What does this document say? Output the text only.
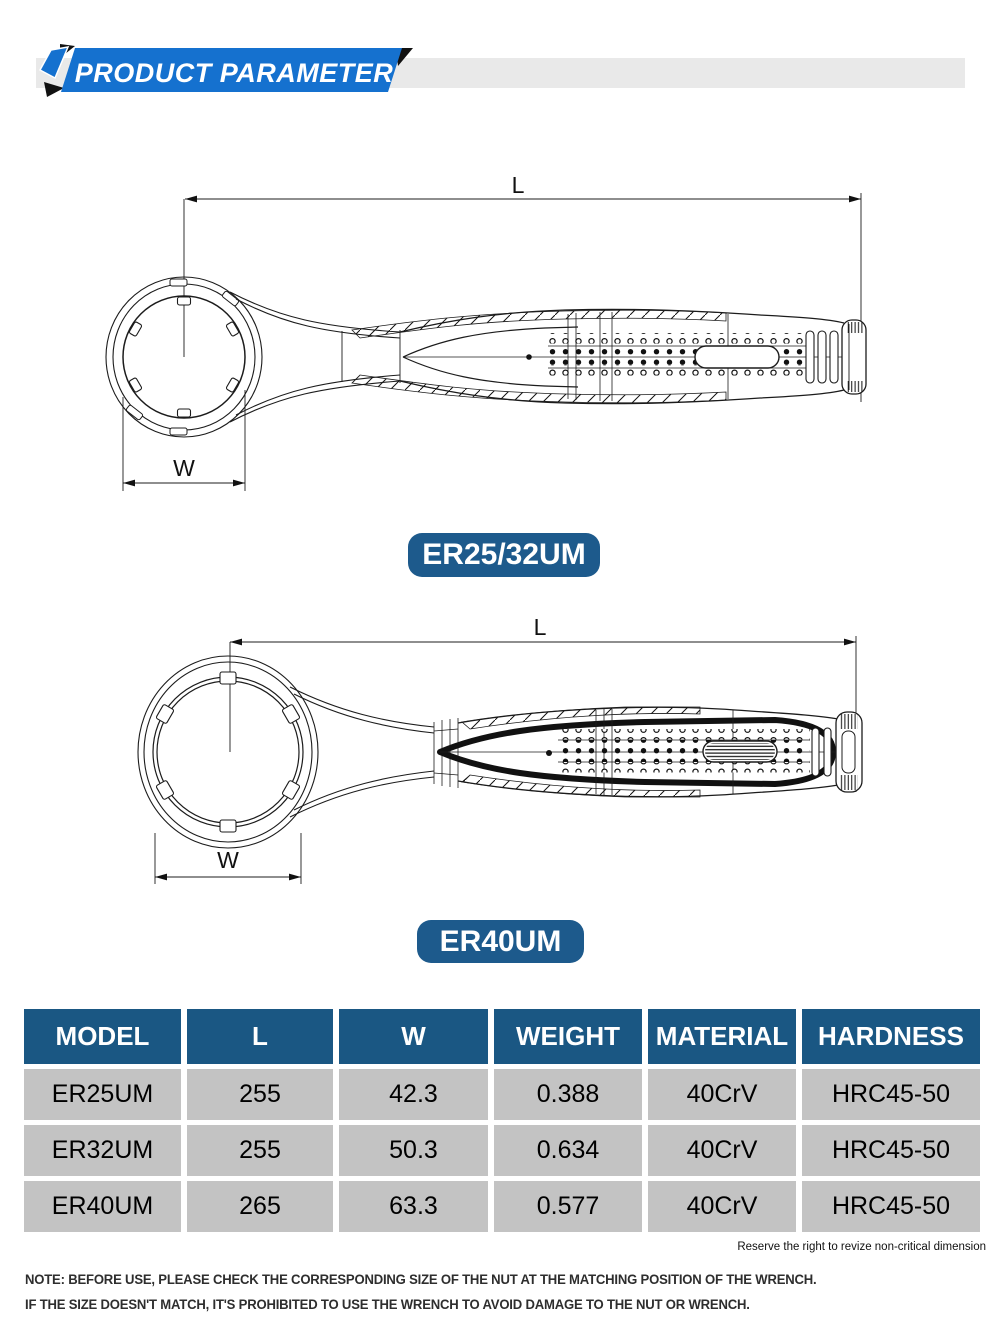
PRODUCT PARAMETER
ER25/32UM
ER40UM
L
W
L
W
MODEL	L	W	WEIGHT	MATERIAL	HARDNESS
ER25UM	255	42.3	0.388	40CrV	HRC45-50
ER32UM	255	50.3	0.634	40CrV	HRC45-50
ER40UM	265	63.3	0.577	40CrV	HRC45-50
Reserve the right to revize non-critical dimension
NOTE: BEFORE USE, PLEASE CHECK THE CORRESPONDING SIZE OF THE NUT AT THE MATCHING POSITION OF THE WRENCH.
IF THE SIZE DOESN'T MATCH, IT'S PROHIBITED TO USE THE WRENCH TO AVOID DAMAGE TO THE NUT OR WRENCH.
